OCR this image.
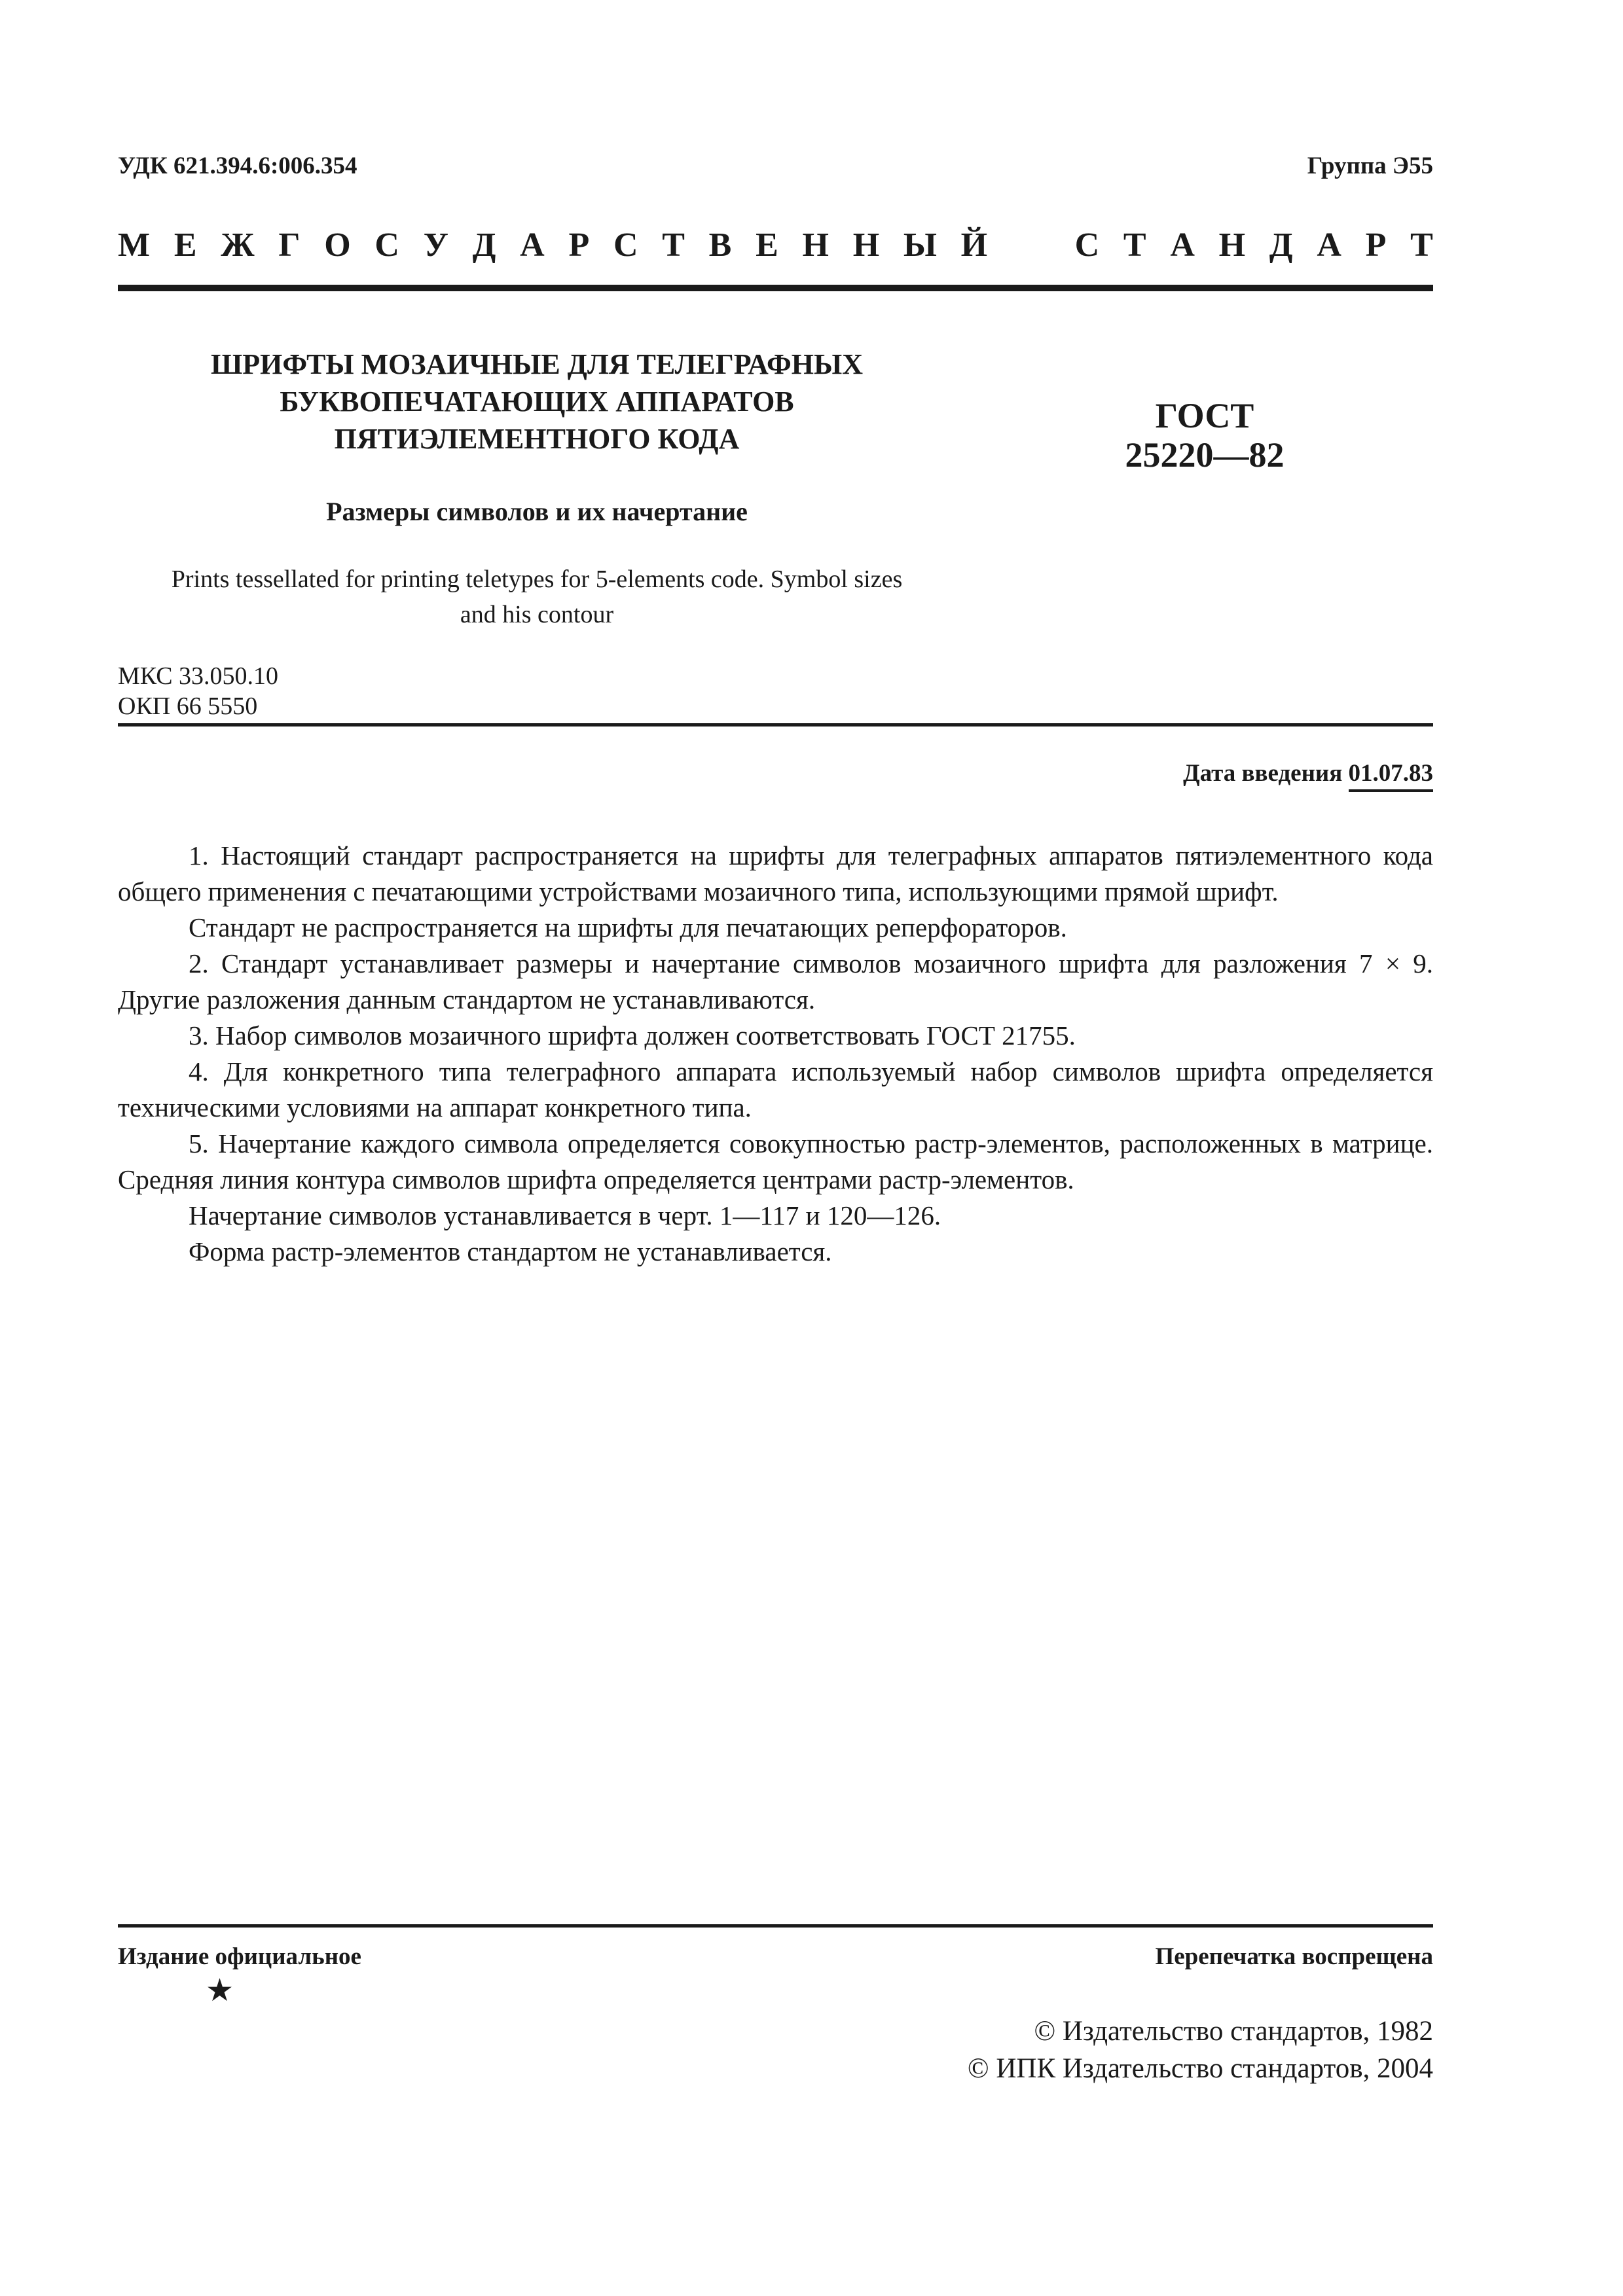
УДК 621.394.6:006.354	Группа Э55
М Е Ж Г О С У Д А Р С Т В Е Н Н Ы Й	С Т А Н Д А Р Т
ШРИФТЫ МОЗАИЧНЫЕ ДЛЯ ТЕЛЕГРАФНЫХ
БУКВОПЕЧАТАЮЩИХ АППАРАТОВ
ПЯТИЭЛЕМЕНТНОГО КОДА
Размеры символов и их начертание
ГОСТ
25220—82
Prints tessellated for printing teletypes for 5-elements code. Symbol sizes
and his contour
МКС 33.050.10
ОКП 66 5550
Дата введения 01.07.83

1. Настоящий стандарт распространяется на шрифты для телеграфных аппаратов пятиэлементного кода общего применения с печатающими устройствами мозаичного типа, использующими прямой шрифт.

Стандарт не распространяется на шрифты для печатающих реперфораторов.

2. Стандарт устанавливает размеры и начертание символов мозаичного шрифта для разложения 7 × 9. Другие разложения данным стандартом не устанавливаются.

3. Набор символов мозаичного шрифта должен соответствовать ГОСТ 21755.

4. Для конкретного типа телеграфного аппарата используемый набор символов шрифта определяется техническими условиями на аппарат конкретного типа.

5. Начертание каждого символа определяется совокупностью растр-элементов, расположенных в матрице. Средняя линия контура символов шрифта определяется центрами растр-элементов.

Начертание символов устанавливается в черт. 1—117 и 120—126.

Форма растр-элементов стандартом не устанавливается.

Издание официальное	Перепечатка воспрещена
★
© Издательство стандартов, 1982
© ИПК Издательство стандартов, 2004
